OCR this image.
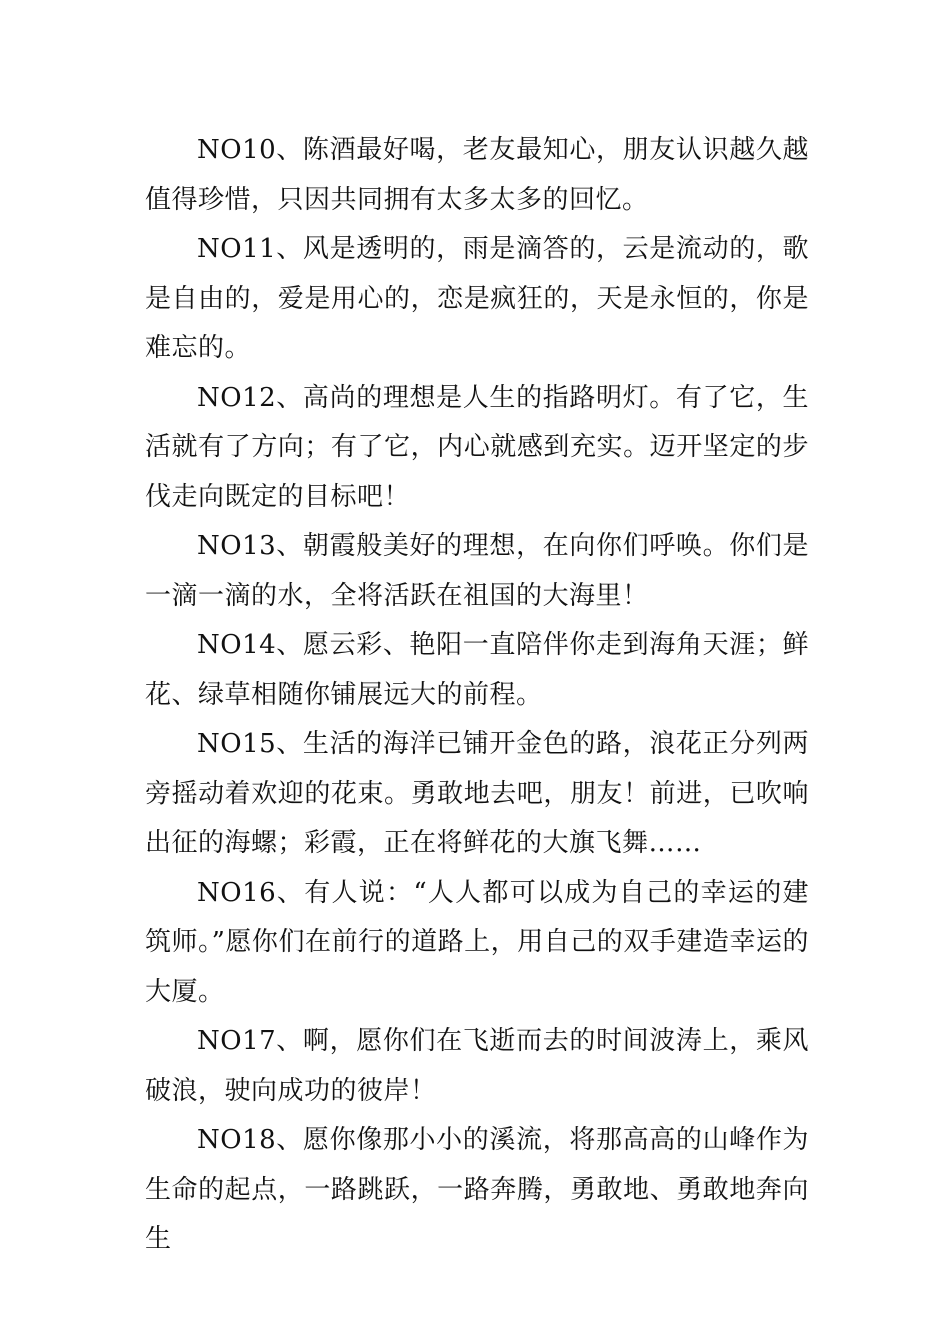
NO10、陈酒最好喝，老友最知心，朋友认识越久越值得珍惜，只因共同拥有太多太多的回忆。

NO11、风是透明的，雨是滴答的，云是流动的，歌是自由的，爱是用心的，恋是疯狂的，天是永恒的，你是难忘的。

NO12、高尚的理想是人生的指路明灯。有了它，生活就有了方向；有了它，内心就感到充实。迈开坚定的步伐走向既定的目标吧！

NO13、朝霞般美好的理想，在向你们呼唤。你们是一滴一滴的水，全将活跃在祖国的大海里！

NO14、愿云彩、艳阳一直陪伴你走到海角天涯；鲜花、绿草相随你铺展远大的前程。

NO15、生活的海洋已铺开金色的路，浪花正分列两旁摇动着欢迎的花束。勇敢地去吧，朋友！前进，已吹响出征的海螺；彩霞，正在将鲜花的大旗飞舞……

NO16、有人说：“人人都可以成为自己的幸运的建筑师。”愿你们在前行的道路上，用自己的双手建造幸运的大厦。

NO17、啊，愿你们在飞逝而去的时间波涛上，乘风破浪，驶向成功的彼岸！

NO18、愿你像那小小的溪流，将那高高的山峰作为生命的起点，一路跳跃，一路奔腾，勇敢地、勇敢地奔向生
